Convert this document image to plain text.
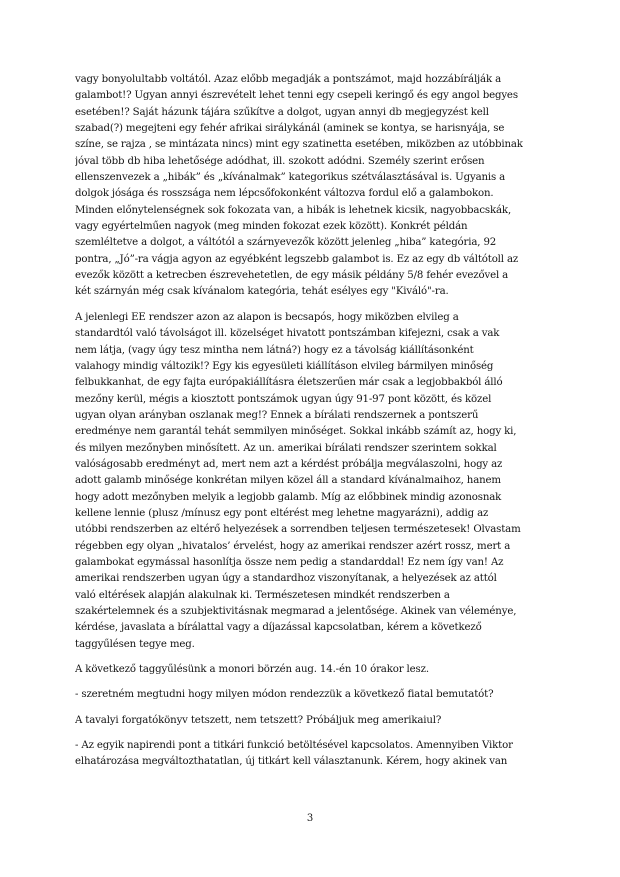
vagy bonyolultabb voltától. Azaz előbb megadják a pontszámot, majd hozzábírálják a
galambot!? Ugyan annyi észrevételt lehet tenni egy csepeli keringő és egy angol begyes
esetében!? Saját házunk tájára szűkítve a dolgot, ugyan annyi db megjegyzést kell
szabad(?) megejteni egy fehér afrikai sirálykánál (aminek se kontya, se harisnyája, se
színe, se rajza , se mintázata nincs) mint egy szatinetta esetében, miközben az utóbbinak
jóval több db hiba lehetősége adódhat, ill. szokott adódni. Személy szerint erősen
ellenszenvezek a „hibák” és „kívánalmak” kategorikus szétválasztásával is. Ugyanis a
dolgok jósága és rosszsága nem lépcsőfokonként változva fordul elő a galambokon.
Minden előnytelenségnek sok fokozata van, a hibák is lehetnek kicsik, nagyobbacskák,
vagy egyértelműen nagyok (meg minden fokozat ezek között). Konkrét példán
szemléltetve a dolgot, a váltótól a szárnyevezők között jelenleg „hiba” kategória, 92
pontra, „Jó”-ra vágja agyon az egyébként legszebb galambot is. Ez az egy db váltótoll az
evezők között a ketrecben észrevehetetlen, de egy másik példány 5/8 fehér evezővel a
két szárnyán még csak kívánalom kategória, tehát esélyes egy "Kiváló"-ra.

A jelenlegi EE rendszer azon az alapon is becsapós, hogy miközben elvileg a
standardtól való távolságot ill. közelséget hivatott pontszámban kifejezni, csak a vak
nem látja, (vagy úgy tesz mintha nem látná?) hogy ez a távolság kiállításonként
valahogy mindig változik!? Egy kis egyesületi kiállításon elvileg bármilyen minőség
felbukkanhat, de egy fajta európakiállításra életszerűen már csak a legjobbakból álló
mezőny kerül, mégis a kiosztott pontszámok ugyan úgy 91-97 pont között, és közel
ugyan olyan arányban oszlanak meg!? Ennek a bírálati rendszernek a pontszerű
eredménye nem garantál tehát semmilyen minőséget. Sokkal inkább számít az, hogy ki,
és milyen mezőnyben minősített. Az un. amerikai bírálati rendszer szerintem sokkal
valóságosabb eredményt ad, mert nem azt a kérdést próbálja megválaszolni, hogy az
adott galamb minősége konkrétan milyen közel áll a standard kívánalmaihoz, hanem
hogy adott mezőnyben melyik a legjobb galamb. Míg az előbbinek mindig azonosnak
kellene lennie (plusz /mínusz egy pont eltérést meg lehetne magyarázni), addig az
utóbbi rendszerben az eltérő helyezések a sorrendben teljesen természetesek! Olvastam
régebben egy olyan „hivatalos’ érvelést, hogy az amerikai rendszer azért rossz, mert a
galambokat egymással hasonlítja össze nem pedig a standarddal! Ez nem így van! Az
amerikai rendszerben ugyan úgy a standardhoz viszonyítanak, a helyezések az attól
való eltérések alapján alakulnak ki. Természetesen mindkét rendszerben a
szakértelemnek és a szubjektivitásnak megmarad a jelentősége. Akinek van véleménye,
kérdése, javaslata a bírálattal vagy a díjazással kapcsolatban, kérem a következő
taggyűlésen tegye meg.

A következő taggyűlésünk a monori börzén aug. 14.-én 10 órakor lesz.

- szeretném megtudni hogy milyen módon rendezzük a következő fiatal bemutatót?

A tavalyi forgatókönyv tetszett, nem tetszett? Próbáljuk meg amerikaiul?

- Az egyik napirendi pont a titkári funkció betöltésével kapcsolatos. Amennyiben Viktor
elhatározása megváltozthatatlan, új titkárt kell választanunk. Kérem, hogy akinek van

3
